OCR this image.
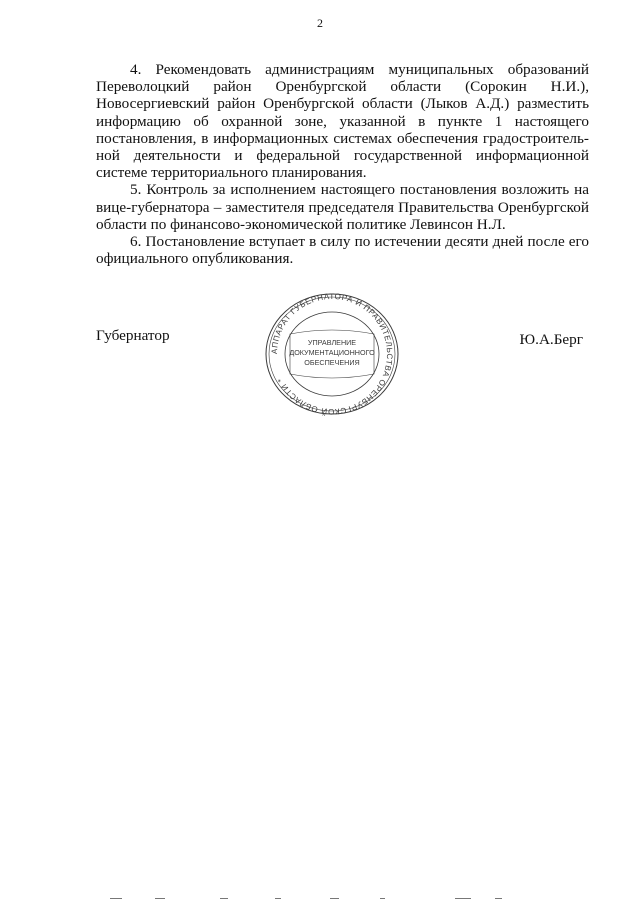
2

4. Рекомендовать администрациям муниципальных образований Переволоцкий район Оренбургской области (Сорокин Н.И.), Новосергиевский район Оренбургской области (Лыков А.Д.) разместить информацию об охранной зоне, указанной в пункте 1 настоящего постановления, в информационных системах обеспечения градостроитель-ной деятельности и федеральной государственной информационной системе территориального планирования.

5. Контроль за исполнением настоящего постановления возложить на вице-губернатора – заместителя председателя Правительства Оренбургской области по финансово-экономической политике Левинсон Н.Л.

6. Постановление вступает в силу по истечении десяти дней после его официального опубликования.

Губернатор	Ю.А.Берг
АППАРАТ ГУБЕРНАТОРА И ПРАВИТЕЛЬСТВА ОРЕНБУРГСКОЙ ОБЛАСТИ *
УПРАВЛЕНИЕ
ДОКУМЕНТАЦИОННОГО
ОБЕСПЕЧЕНИЯ
